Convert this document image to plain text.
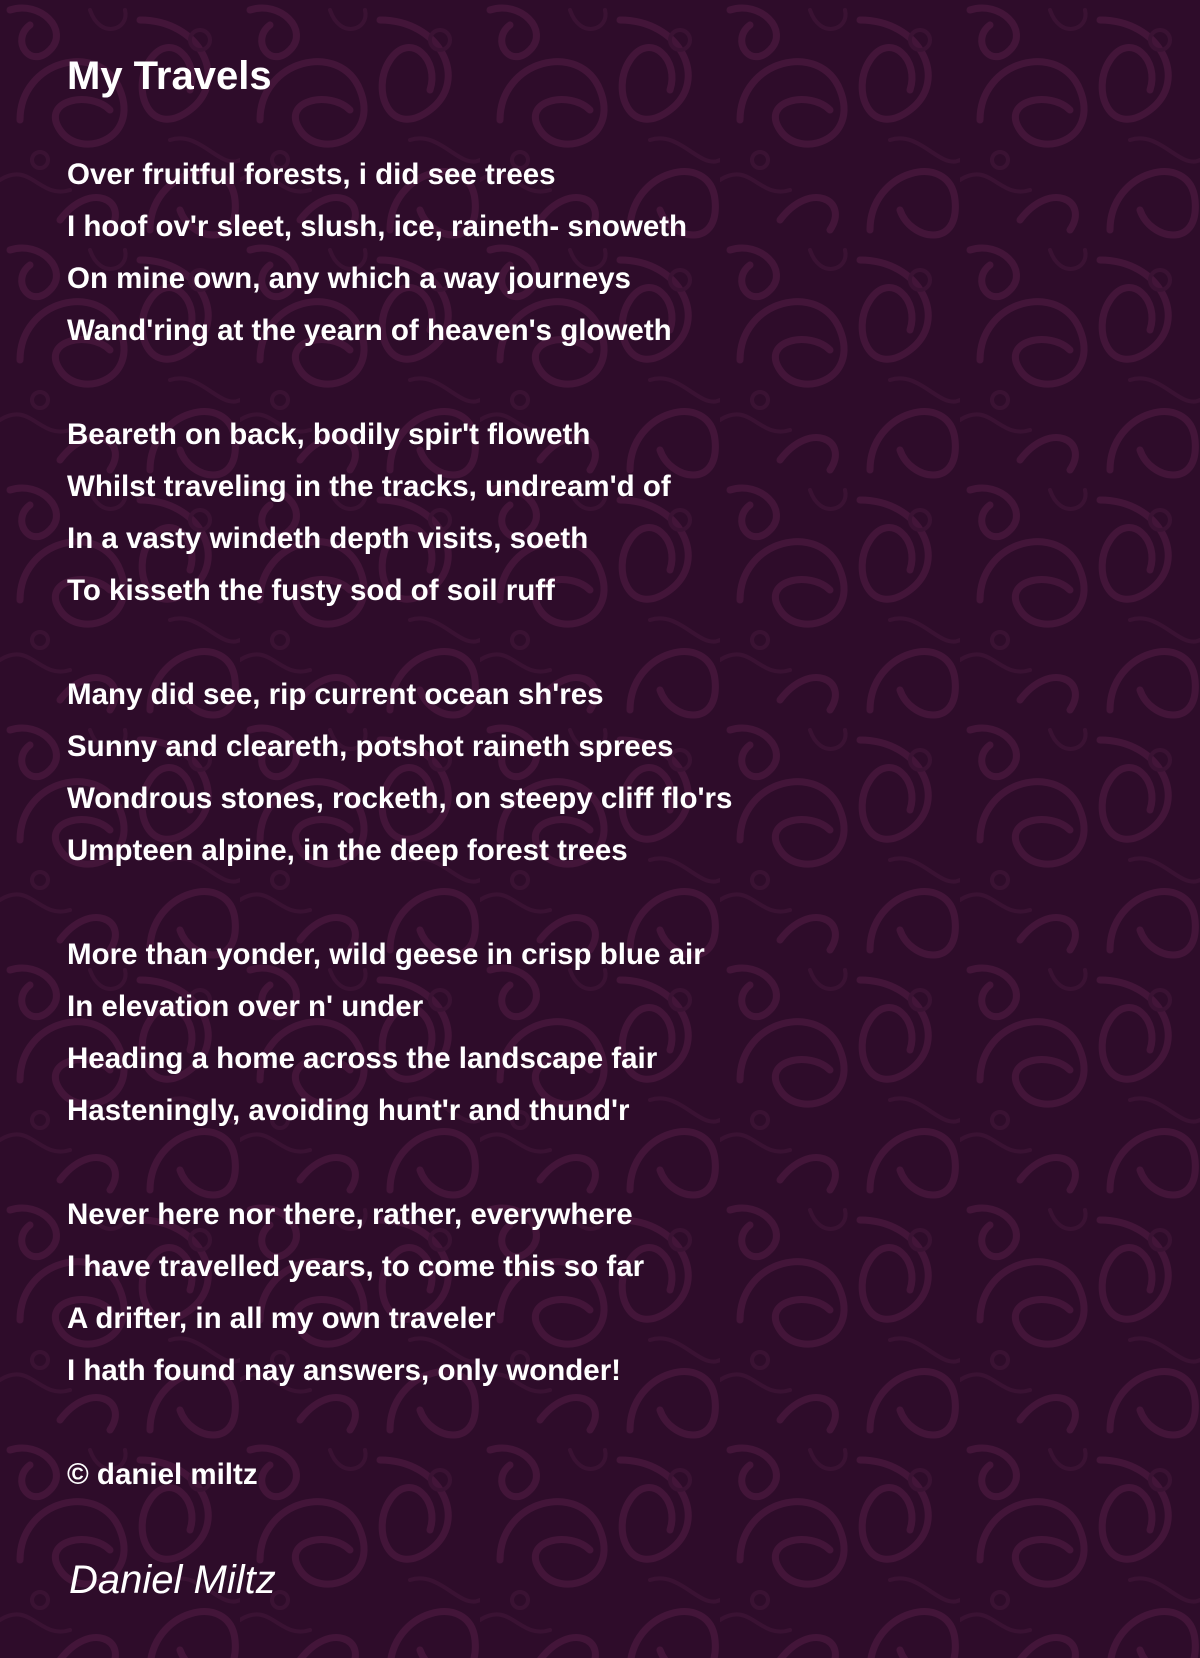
My Travels
Over fruitful forests, i did see trees
I hoof ov'r sleet, slush, ice, raineth- snoweth
On mine own, any which a way journeys
Wand'ring at the yearn of heaven's gloweth
Beareth on back, bodily spir't floweth
Whilst traveling in the tracks, undream'd of
In a vasty windeth depth visits, soeth
To kisseth the fusty sod of soil ruff
Many did see, rip current ocean sh'res
Sunny and cleareth, potshot raineth sprees
Wondrous stones, rocketh, on steepy cliff flo'rs
Umpteen alpine, in the deep forest trees
More than yonder, wild geese in crisp blue air
In elevation over n' under
Heading a home across the landscape fair
Hasteningly, avoiding hunt'r and thund'r
Never here nor there, rather, everywhere
I have travelled years, to come this so far
A drifter, in all my own traveler
I hath found nay answers, only wonder!
© daniel miltz
Daniel Miltz
